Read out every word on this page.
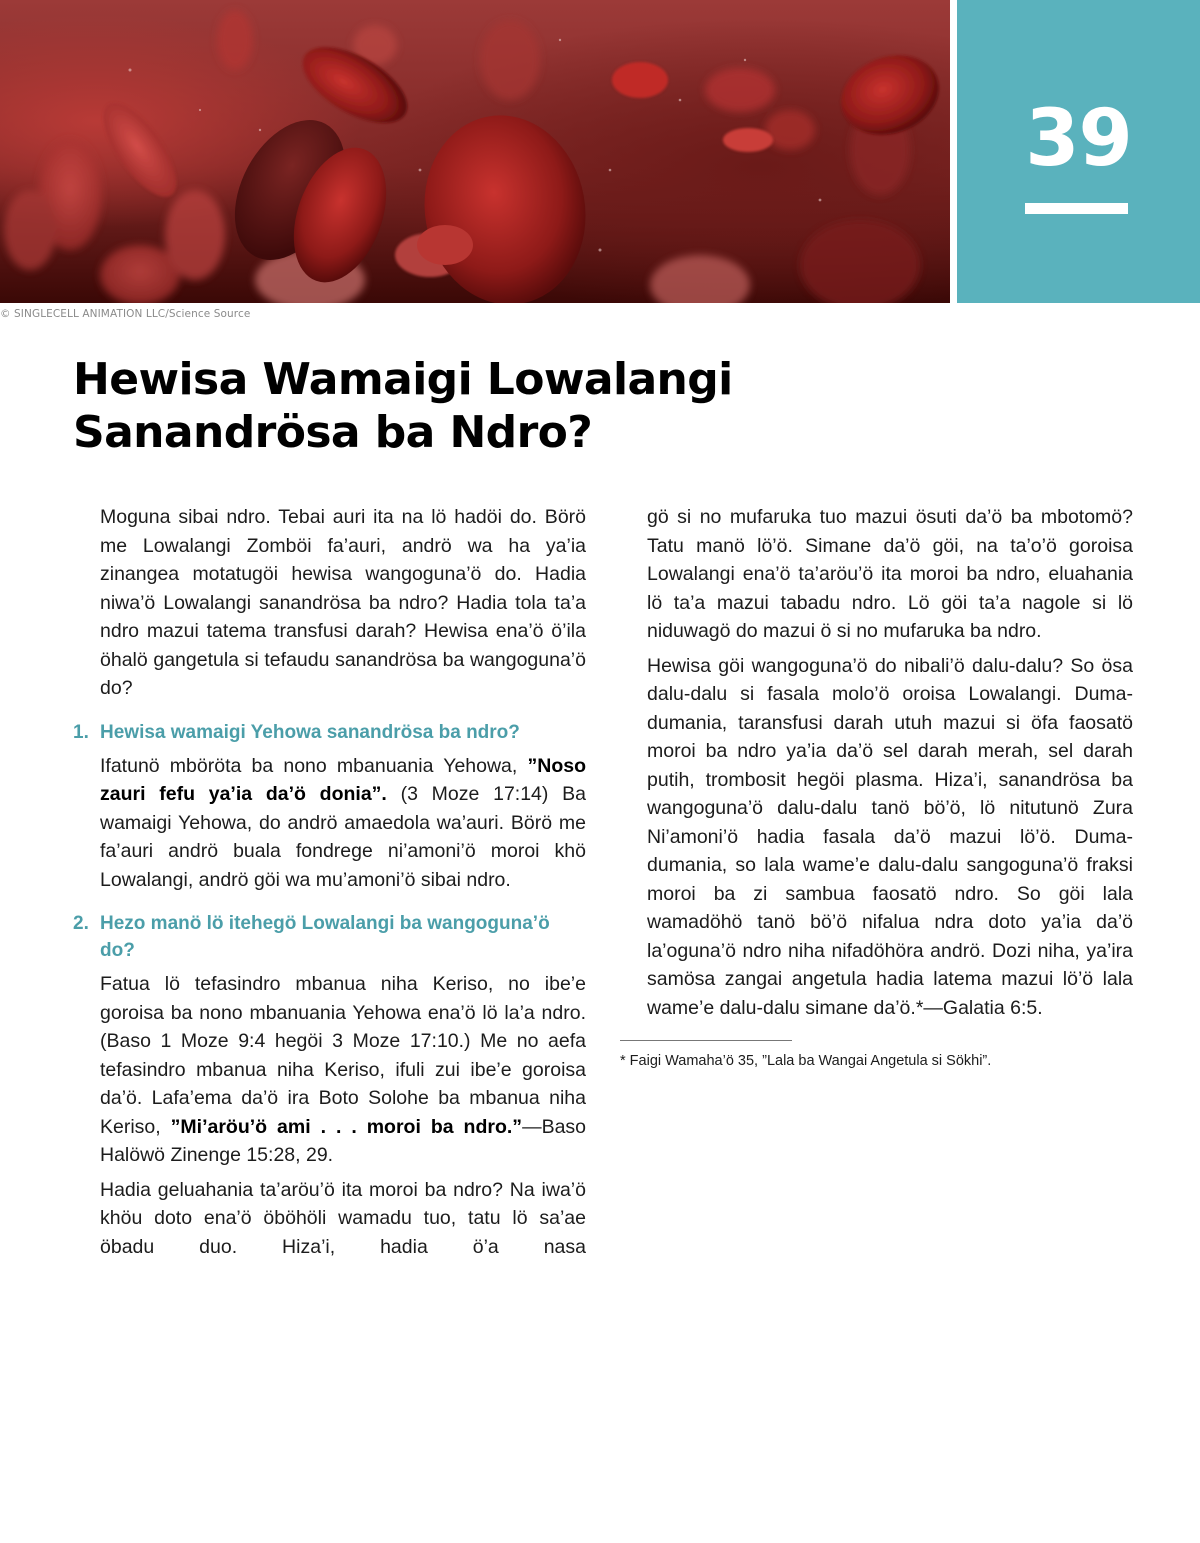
39
© SINGLECELL ANIMATION LLC/Science Source
Hewisa Wamaigi Lowalangi
Sanandrösa ba Ndro?

Moguna sibai ndro. Tebai auri ita na lö hadöi do. Börö me Lowalangi Zomböi fa’auri, andrö wa ha ya’ia zinangea motatugöi hewisa wangoguna’ö do. Hadia niwa’ö Lowalangi sanandrösa ba ndro? Hadia tola ta’a ndro mazui tatema transfusi darah? Hewisa ena’ö ö’ila öhalö gangetula si tefaudu sanandrösa ba wangoguna’ö do?

1. Hewisa wamaigi Yehowa sanandrösa ba ndro?

Ifatunö mböröta ba nono mbanuania Yehowa, ”Noso zauri fefu ya’ia da’ö donia”. (3 Moze 17:14) Ba wamaigi Yehowa, do andrö amaedola wa’auri. Börö me fa’auri andrö buala fondrege ni’amoni’ö moroi khö Lowalangi, andrö göi wa mu’amoni’ö sibai ndro.

2. Hezo manö lö itehegö Lowalangi ba wangoguna’ö do?

Fatua lö tefasindro mbanua niha Keriso, no ibe’e goroisa ba nono mbanuania Yehowa ena’ö lö la’a ndro. (Baso 1 Moze 9:4 hegöi 3 Moze 17:10.) Me no aefa tefasindro mbanua niha Keriso, ifuli zui ibe’e goroisa da’ö. Lafa’ema da’ö ira Boto Solohe ba mbanua niha Keriso, ”Mi’aröu’ö ami . . . moroi ba ndro.”—Baso Halöwö Zinenge 15:28, 29.

Hadia geluahania ta’aröu’ö ita moroi ba ndro? Na iwa’ö khöu doto ena’ö öböhöli wamadu tuo, tatu lö sa’ae öbadu duo. Hiza’i, hadia ö’a nasa

gö si no mufaruka tuo mazui ösuti da’ö ba mbotomö? Tatu manö lö’ö. Simane da’ö göi, na ta’o’ö goroisa Lowalangi ena’ö ta’aröu’ö ita moroi ba ndro, eluahania lö ta’a mazui tabadu ndro. Lö göi ta’a nagole si lö niduwagö do mazui ö si no mufaruka ba ndro.

Hewisa göi wangoguna’ö do nibali’ö dalu-dalu? So ösa dalu-dalu si fasala molo’ö oroisa Lowalangi. Duma-dumania, taransfusi darah utuh mazui si öfa faosatö moroi ba ndro ya’ia da’ö sel darah merah, sel darah putih, trombosit hegöi plasma. Hiza’i, sanandrösa ba wangoguna’ö dalu-dalu tanö bö’ö, lö nitutunö Zura Ni’amoni’ö hadia fasala da’ö mazui lö’ö. Duma-dumania, so lala wame’e dalu-dalu sangoguna’ö fraksi moroi ba zi sambua faosatö ndro. So göi lala wamadöhö tanö bö’ö nifalua ndra doto ya’ia da’ö la’oguna’ö ndro niha nifadöhöra andrö. Dozi niha, ya’ira samösa zangai angetula hadia latema mazui lö’ö lala wame’e dalu-dalu simane da’ö.*—Galatia 6:5.

* Faigi Wamaha’ö 35, ”Lala ba Wangai Angetula si Sökhi”.
